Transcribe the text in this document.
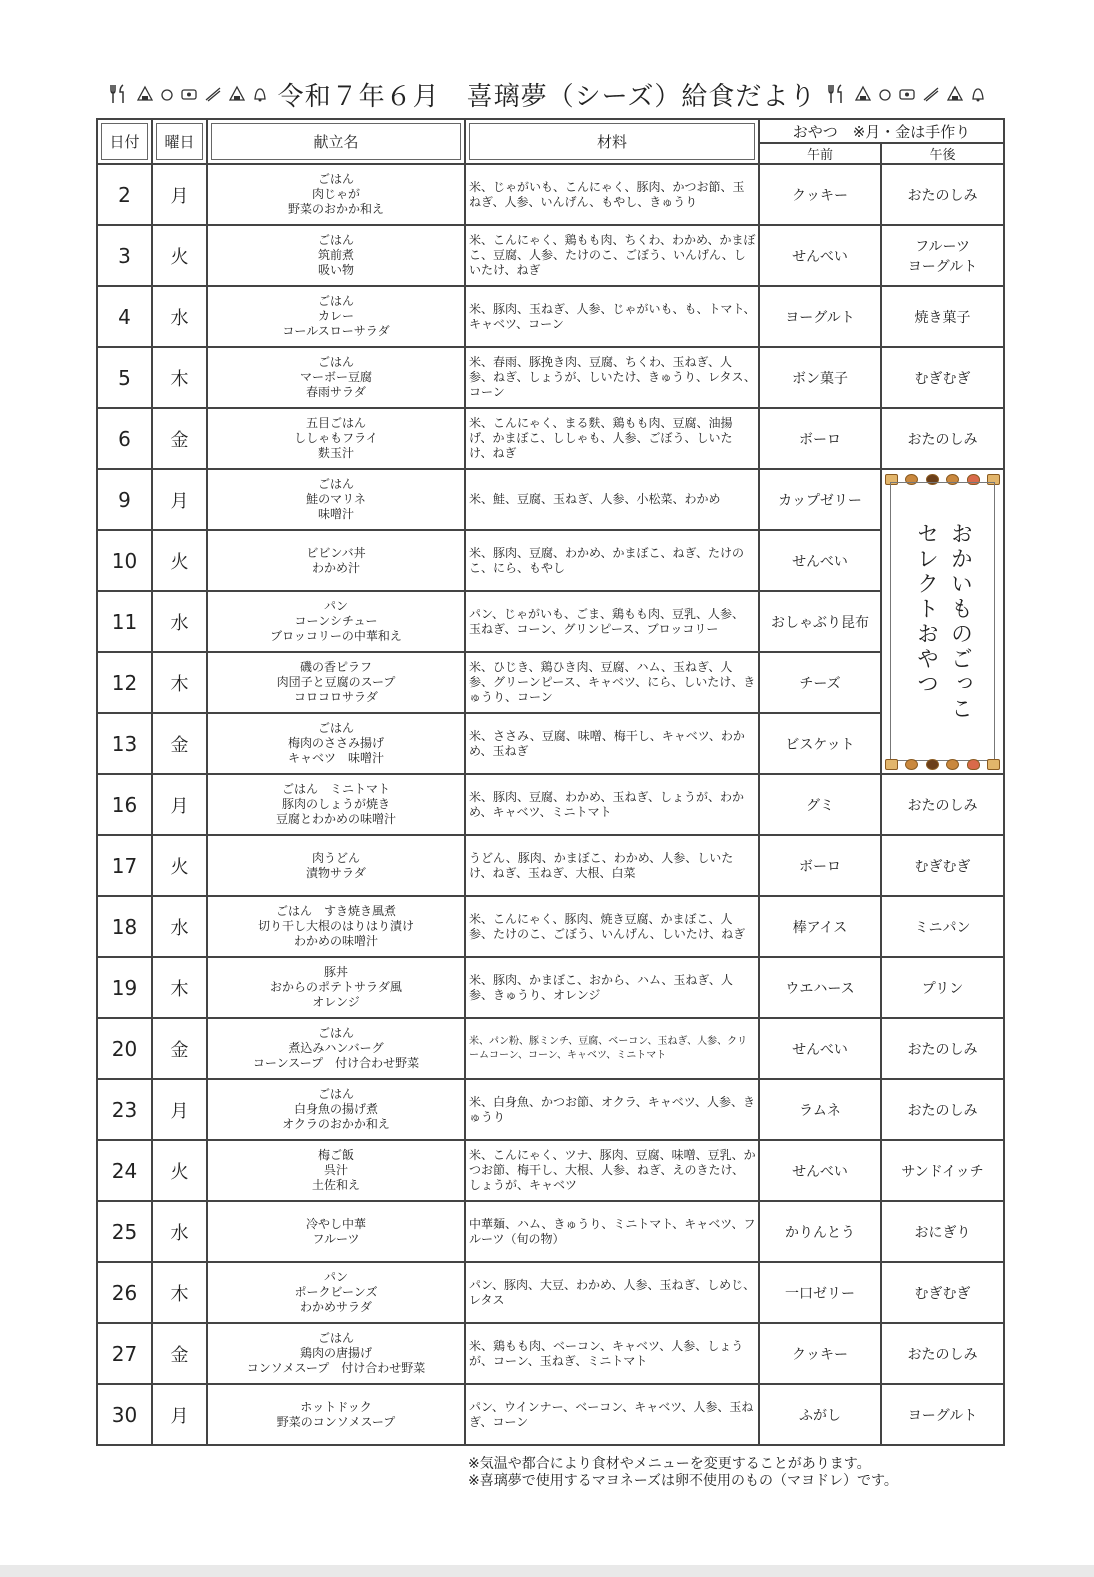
令和７年６月　喜璃夢（シーズ）給食だより
日付	曜日	献立名	材料	おやつ　※月・金は手作り	
				午前	午後
2	月	ごはん
肉じゃが
野菜のおかか和え	米、じゃがいも、こんにゃく、豚肉、かつお節、玉ねぎ、人参、いんげん、もやし、きゅうり	クッキー	おたのしみ

3	火	ごはん
筑前煮
吸い物	米、こんにゃく、鶏もも肉、ちくわ、わかめ、かまぼこ、豆腐、人参、たけのこ、ごぼう、いんげん、しいたけ、ねぎ	せんべい	フルーツ
ヨーグルト

4	水	ごはん
カレー
コールスローサラダ	米、豚肉、玉ねぎ、人参、じゃがいも、も、トマト、キャベツ、コーン	ヨーグルト	焼き菓子

5	木	ごはん
マーボー豆腐
春雨サラダ	米、春雨、豚挽き肉、豆腐、ちくわ、玉ねぎ、人参、ねぎ、しょうが、しいたけ、きゅうり、レタス、コーン	ボン菓子	むぎむぎ

6	金	五目ごはん
ししゃもフライ
麩玉汁	米、こんにゃく、まる麩、鶏もも肉、豆腐、油揚げ、かまぼこ、ししゃも、人参、ごぼう、しいたけ、ねぎ	ボーロ	おたのしみ

9	月	ごはん
鮭のマリネ
味噌汁	米、鮭、豆腐、玉ねぎ、人参、小松菜、わかめ	カップゼリー	おかいものごっこ
セレクトおやつ

10	火	ビビンバ丼
わかめ汁	米、豚肉、豆腐、わかめ、かまぼこ、ねぎ、たけのこ、にら、もやし	せんべい	

11	水	パン
コーンシチュー
ブロッコリーの中華和え	パン、じゃがいも、ごま、鶏もも肉、豆乳、人参、玉ねぎ、コーン、グリンピース、ブロッコリー	おしゃぶり昆布	

12	木	磯の香ピラフ
肉団子と豆腐のスープ
コロコロサラダ	米、ひじき、鶏ひき肉、豆腐、ハム、玉ねぎ、人参、グリーンピース、キャベツ、にら、しいたけ、きゅうり、コーン	チーズ	

13	金	ごはん
梅肉のささみ揚げ
キャベツ　味噌汁	米、ささみ、豆腐、味噌、梅干し、キャベツ、わかめ、玉ねぎ	ビスケット	

16	月	ごはん　ミニトマト
豚肉のしょうが焼き
豆腐とわかめの味噌汁	米、豚肉、豆腐、わかめ、玉ねぎ、しょうが、わかめ、キャベツ、ミニトマト	グミ	おたのしみ

17	火	肉うどん
漬物サラダ	うどん、豚肉、かまぼこ、わかめ、人参、しいたけ、ねぎ、玉ねぎ、大根、白菜	ボーロ	むぎむぎ

18	水	ごはん　すき焼き風煮
切り干し大根のはりはり漬け
わかめの味噌汁	米、こんにゃく、豚肉、焼き豆腐、かまぼこ、人参、たけのこ、ごぼう、いんげん、しいたけ、ねぎ	棒アイス	ミニパン

19	木	豚丼
おからのポテトサラダ風
オレンジ	米、豚肉、かまぼこ、おから、ハム、玉ねぎ、人参、きゅうり、オレンジ	ウエハース	プリン

20	金	ごはん
煮込みハンバーグ
コーンスープ　付け合わせ野菜	米、パン粉、豚ミンチ、豆腐、ベーコン、玉ねぎ、人参、クリームコーン、コーン、キャベツ、ミニトマト	せんべい	おたのしみ

23	月	ごはん
白身魚の揚げ煮
オクラのおかか和え	米、白身魚、かつお節、オクラ、キャベツ、人参、きゅうり	ラムネ	おたのしみ

24	火	梅ご飯
呉汁
土佐和え	米、こんにゃく、ツナ、豚肉、豆腐、味噌、豆乳、かつお節、梅干し、大根、人参、ねぎ、えのきたけ、しょうが、キャベツ	せんべい	サンドイッチ

25	水	冷やし中華
フルーツ	中華麺、ハム、きゅうり、ミニトマト、キャベツ、フルーツ（旬の物）	かりんとう	おにぎり

26	木	パン
ポークビーンズ
わかめサラダ	パン、豚肉、大豆、わかめ、人参、玉ねぎ、しめじ、レタス	一口ゼリー	むぎむぎ

27	金	ごはん
鶏肉の唐揚げ
コンソメスープ　付け合わせ野菜	米、鶏もも肉、ベーコン、キャベツ、人参、しょうが、コーン、玉ねぎ、ミニトマト	クッキー	おたのしみ

30	月	ホットドック
野菜のコンソメスープ	パン、ウインナー、ベーコン、キャベツ、人参、玉ねぎ、コーン	ふがし	ヨーグルト
※気温や都合により食材やメニューを変更することがあります。
※喜璃夢で使用するマヨネーズは卵不使用のもの（マヨドレ）です。
